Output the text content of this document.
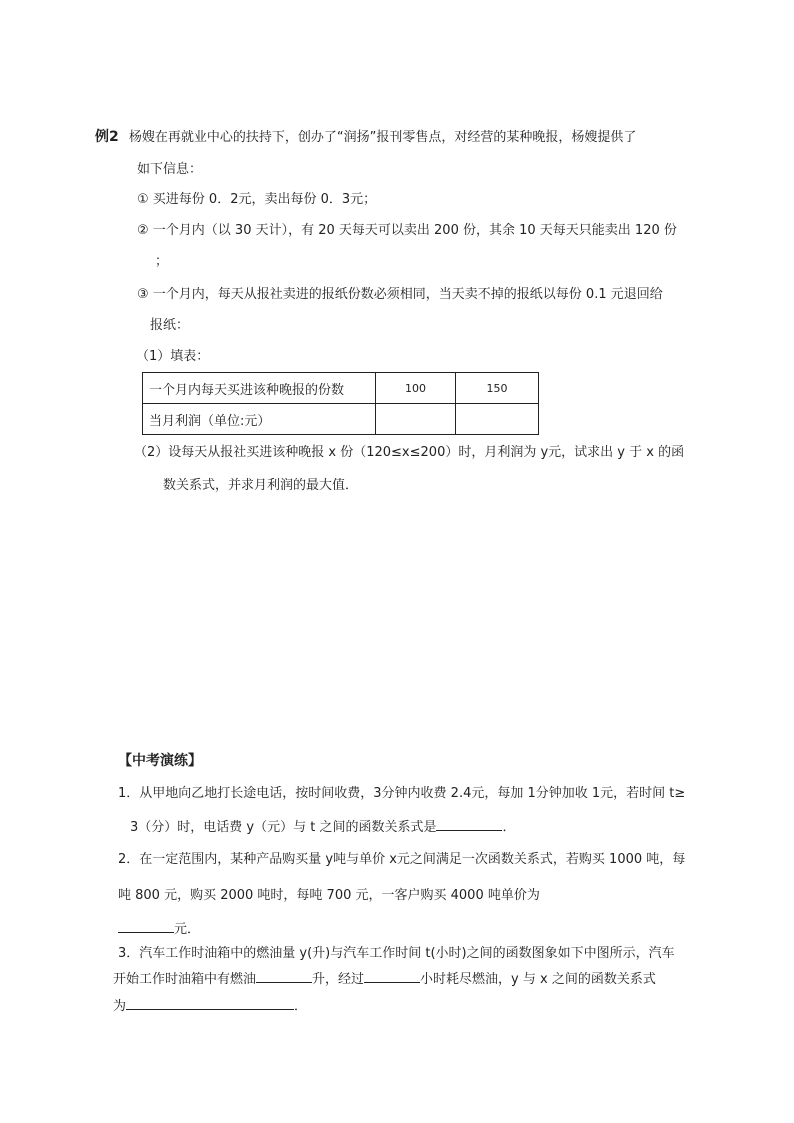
例2 杨嫂在再就业中心的扶持下，创办了“润扬”报刊零售点，对经营的某种晚报，杨嫂提供了
如下信息：
① 买进每份 0．2元，卖出每份 0．3元；
② 一个月内（以 30 天计），有 20 天每天可以卖出 200 份，其余 10 天每天只能卖出 120 份
；
③ 一个月内，每天从报社卖进的报纸份数必须相同，当天卖不掉的报纸以每份 0.1 元退回给
报纸：
（1）填表：
一个月内每天买进该种晚报的份数	100	150
当月利润（单位:元）		
（2）设每天从报社买进该种晚报 x 份（120≤x≤200）时，月利润为 y元，试求出 y 于 x 的函
数关系式，并求月利润的最大值．
【中考演练】
1．从甲地向乙地打长途电话，按时间收费，3分钟内收费 2.4元，每加 1分钟加收 1元，若时间 t≥
3（分）时，电话费 y（元）与 t 之间的函数关系式是	．
2．在一定范围内，某种产品购买量 y吨与单价 x元之间满足一次函数关系式，若购买 1000 吨，每
吨 800 元，购买 2000 吨时，每吨 700 元，一客户购买 4000 吨单价为
元．
3．汽车工作时油箱中的燃油量 y(升)与汽车工作时间 t(小时)之间的函数图象如下中图所示，汽车
开始工作时油箱中有燃油	升，经过	小时耗尽燃油，y 与 x 之间的函数关系式
为	．
